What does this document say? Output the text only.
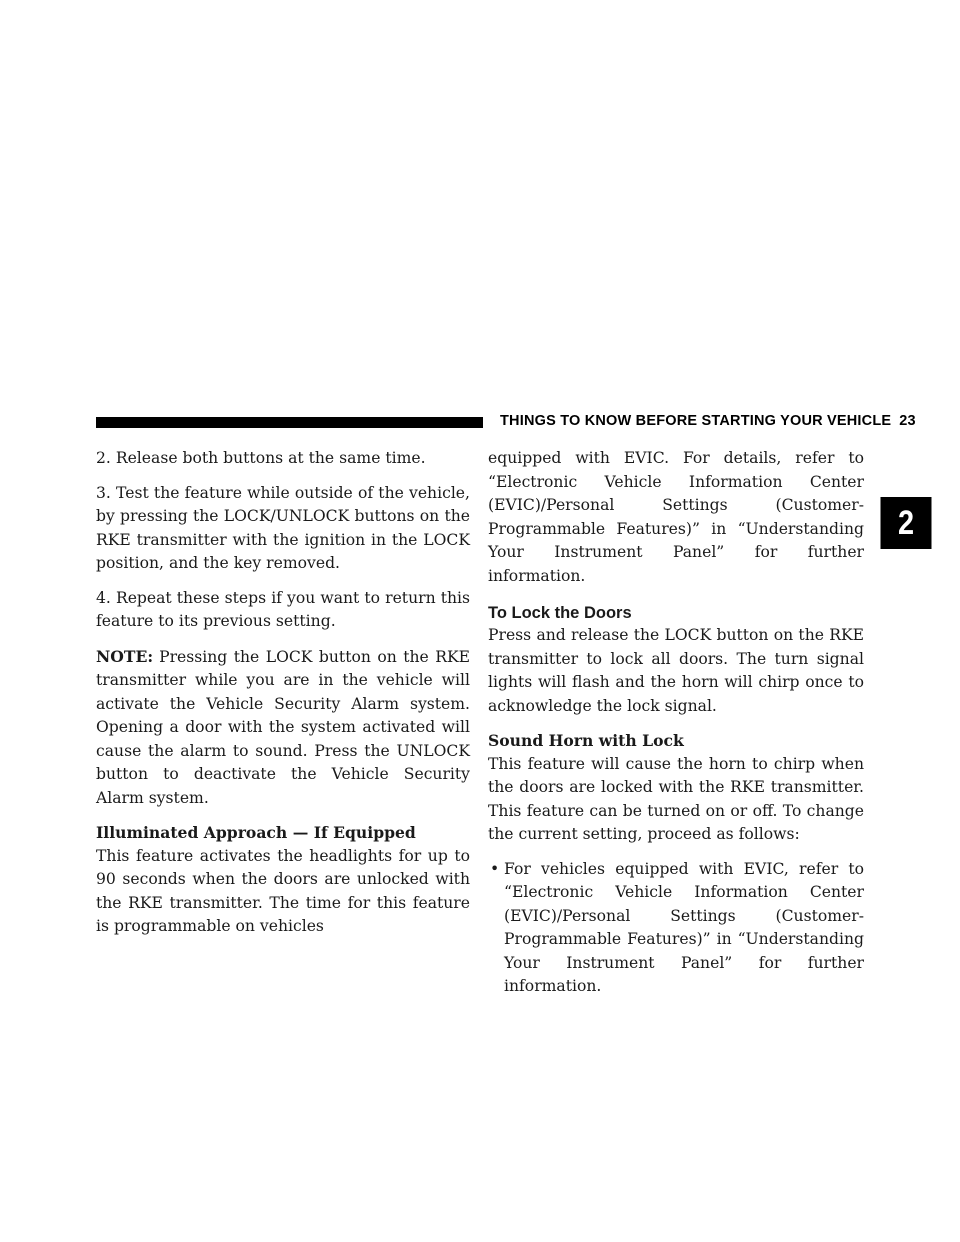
THINGS TO KNOW BEFORE STARTING YOUR VEHICLE 23
2

2. Release both buttons at the same time.

3. Test the feature while outside of the vehicle, by pressing the LOCK/UNLOCK buttons on the RKE transmitter with the ignition in the LOCK position, and the key removed.

4. Repeat these steps if you want to return this feature to its previous setting.

NOTE: Pressing the LOCK button on the RKE transmitter while you are in the vehicle will activate the Vehicle Security Alarm system. Opening a door with the system activated will cause the alarm to sound. Press the UNLOCK button to deactivate the Vehicle Security Alarm system.

Illuminated Approach — If Equipped

This feature activates the headlights for up to 90 seconds when the doors are unlocked with the RKE transmitter. The time for this feature is programmable on vehicles

equipped with EVIC. For details, refer to “Electronic Vehicle Information Center (EVIC)/Personal Settings (Customer-Programmable Features)” in “Understanding Your Instrument Panel” for further information.

To Lock the Doors

Press and release the LOCK button on the RKE transmitter to lock all doors. The turn signal lights will flash and the horn will chirp once to acknowledge the lock signal.

Sound Horn with Lock

This feature will cause the horn to chirp when the doors are locked with the RKE transmitter. This feature can be turned on or off. To change the current setting, proceed as follows:

• For vehicles equipped with EVIC, refer to “Electronic Vehicle Information Center (EVIC)/Personal Settings (Customer-Programmable Features)” in “Understanding Your Instrument Panel” for further information.
